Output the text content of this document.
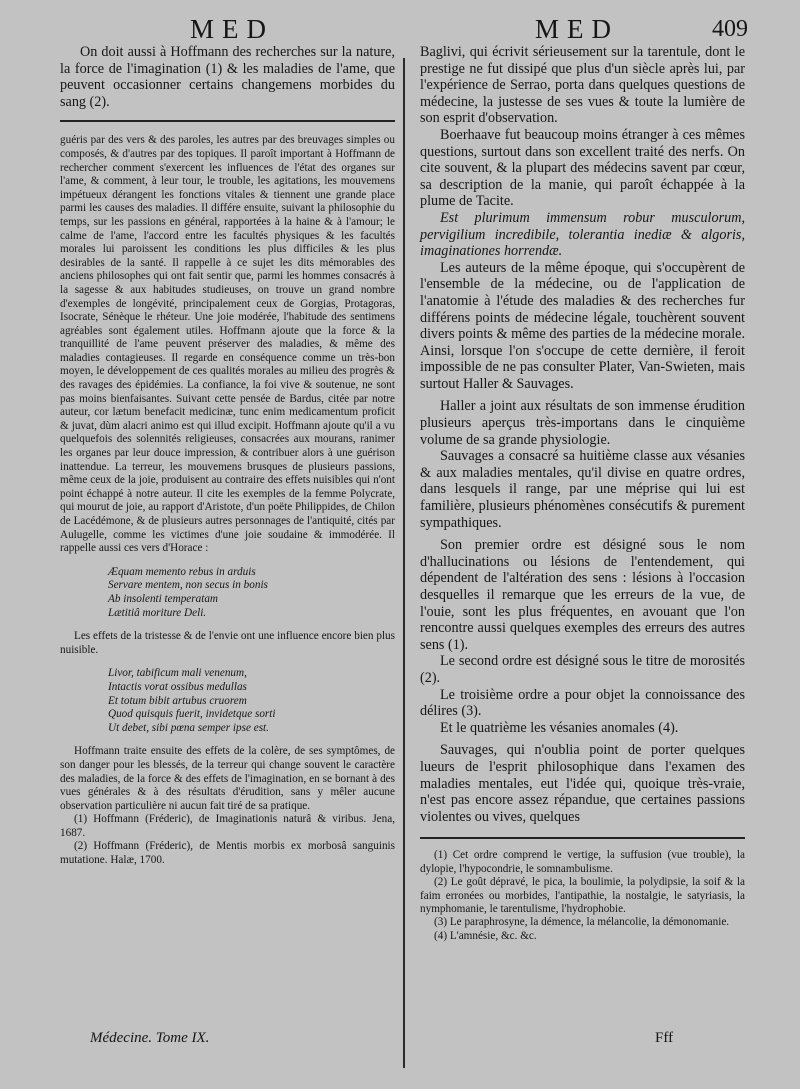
MED	MED	409

On doit aussi à Hoffmann des recherches sur la nature, la force de l'imagination (1) & les maladies de l'ame, que peuvent occasionner certains changemens morbides du sang (2).

guéris par des vers & des paroles, les autres par des breuvages simples ou composés, & d'autres par des topiques. Il paroît important à Hoffmann de rechercher comment s'exercent les influences de l'état des organes sur l'ame, & comment, à leur tour, le trouble, les agitations, les mouvemens impétueux dérangent les fonctions vitales & tiennent une grande place parmi les causes des maladies. Il différe ensuite, suivant la philosophie du temps, sur les passions en général, rapportées à la haine & à l'amour; le calme de l'ame, l'accord entre les facultés physiques & les facultés morales lui paroissent les conditions les plus difficiles & les plus desirables de la santé. Il rappelle à ce sujet les dits mémorables des anciens philosophes qui ont fait sentir que, parmi les hommes consacrés à la sagesse & aux habitudes studieuses, on trouve un grand nombre d'exemples de longévité, principalement ceux de Gorgias, Protagoras, Isocrate, Sénèque le rhéteur. Une joie modérée, l'habitude des sentimens agréables sont également utiles. Hoffmann ajoute que la force & la tranquillité de l'ame peuvent préserver des maladies, & même des maladies contagieuses. Il regarde en conséquence comme un très-bon moyen, le développement de ces qualités morales au milieu des progrès & des ravages des épidémies. La confiance, la foi vive & soutenue, ne sont pas moins bienfaisantes. Suivant cette pensée de Bardus, citée par notre auteur, cor lætum benefacit medicinæ, tunc enim medicamentum proficit & juvat, dùm alacri animo est qui illud excipit. Hoffmann ajoute qu'il a vu quelquefois des solennités religieuses, consacrées aux mourans, ranimer les organes par leur douce impression, & contribuer alors à une guérison inattendue. La terreur, les mouvemens brusques de plusieurs passions, même ceux de la joie, produisent au contraire des effets nuisibles qui n'ont point échappé à notre auteur. Il cite les exemples de la femme Polycrate, qui mourut de joie, au rapport d'Aristote, d'un poëte Philippides, de Chilon de Lacédémone, & de plusieurs autres personnages de l'antiquité, cités par Aulugelle, comme les victimes d'une joie soudaine & immodérée. Il rappelle aussi ces vers d'Horace :

Æquam memento rebus in arduis
Servare mentem, non secus in bonis
Ab insolenti temperatam
Lætitiâ moriture Deli.

Les effets de la tristesse & de l'envie ont une influence encore bien plus nuisible.

Livor, tabificum mali venenum,
Intactis vorat ossibus medullas
Et totum bibit artubus cruorem
Quod quisquis fuerit, invidetque sorti
Ut debet, sibi pœna semper ipse est.

Hoffmann traite ensuite des effets de la colère, de ses symptômes, de son danger pour les blessés, de la terreur qui change souvent le caractère des maladies, de la force & des effets de l'imagination, en se bornant à des vues générales & à des résultats d'érudition, sans y mêler aucune observation particulière ni aucun fait tiré de sa pratique.

(1) Hoffmann (Fréderic), de Imaginationis naturâ & viribus. Jena, 1687.

(2) Hoffmann (Fréderic), de Mentis morbis ex morbosâ sanguinis mutatione. Halæ, 1700.

Baglivi, qui écrivit sérieusement sur la tarentule, dont le prestige ne fut dissipé que plus d'un siècle après lui, par l'expérience de Serrao, porta dans quelques questions de médecine, la justesse de ses vues & toute la lumière de son esprit d'observation.

Boerhaave fut beaucoup moins étranger à ces mêmes questions, surtout dans son excellent traité des nerfs. On cite souvent, & la plupart des médecins savent par cœur, sa description de la manie, qui paroît échappée à la plume de Tacite.

Est plurimum immensum robur musculorum, pervigilium incredibile, tolerantia inediæ & algoris, imaginationes horrendæ.

Les auteurs de la même époque, qui s'occupèrent de l'ensemble de la médecine, ou de l'application de l'anatomie à l'étude des maladies & des recherches fur différens points de médecine légale, touchèrent souvent divers points & même des parties de la médecine morale. Ainsi, lorsque l'on s'occupe de cette dernière, il feroit impossible de ne pas consulter Plater, Van-Swieten, mais surtout Haller & Sauvages.

Haller a joint aux résultats de son immense érudition plusieurs aperçus très-importans dans le cinquième volume de sa grande physiologie.

Sauvages a consacré sa huitième classe aux vésanies & aux maladies mentales, qu'il divise en quatre ordres, dans lesquels il range, par une méprise qui lui est familière, plusieurs phénomènes consécutifs & purement sympathiques.

Son premier ordre est désigné sous le nom d'hallucinations ou lésions de l'entendement, qui dépendent de l'altération des sens : lésions à l'occasion desquelles il remarque que les erreurs de la vue, de l'ouie, sont les plus fréquentes, en avouant que l'on rencontre aussi quelques exemples des erreurs des autres sens (1).

Le second ordre est désigné sous le titre de morosités (2).

Le troisième ordre a pour objet la connoissance des délires (3).

Et le quatrième les vésanies anomales (4).

Sauvages, qui n'oublia point de porter quelques lueurs de l'esprit philosophique dans l'examen des maladies mentales, eut l'idée qui, quoique très-vraie, n'est pas encore assez répandue, que certaines passions violentes ou vives, quelques

(1) Cet ordre comprend le vertige, la suffusion (vue trouble), la dylopie, l'hypocondrie, le somnambulisme.

(2) Le goût dépravé, le pica, la boulimie, la polydipsie, la soif & la faim erronées ou morbides, l'antipathie, la nostalgie, le satyriasis, la nymphomanie, le tarentulisme, l'hydrophobie.

(3) Le paraphrosyne, la démence, la mélancolie, la démonomanie.

(4) L'amnésie, &c. &c.

Médecine. Tome IX.	Fff
